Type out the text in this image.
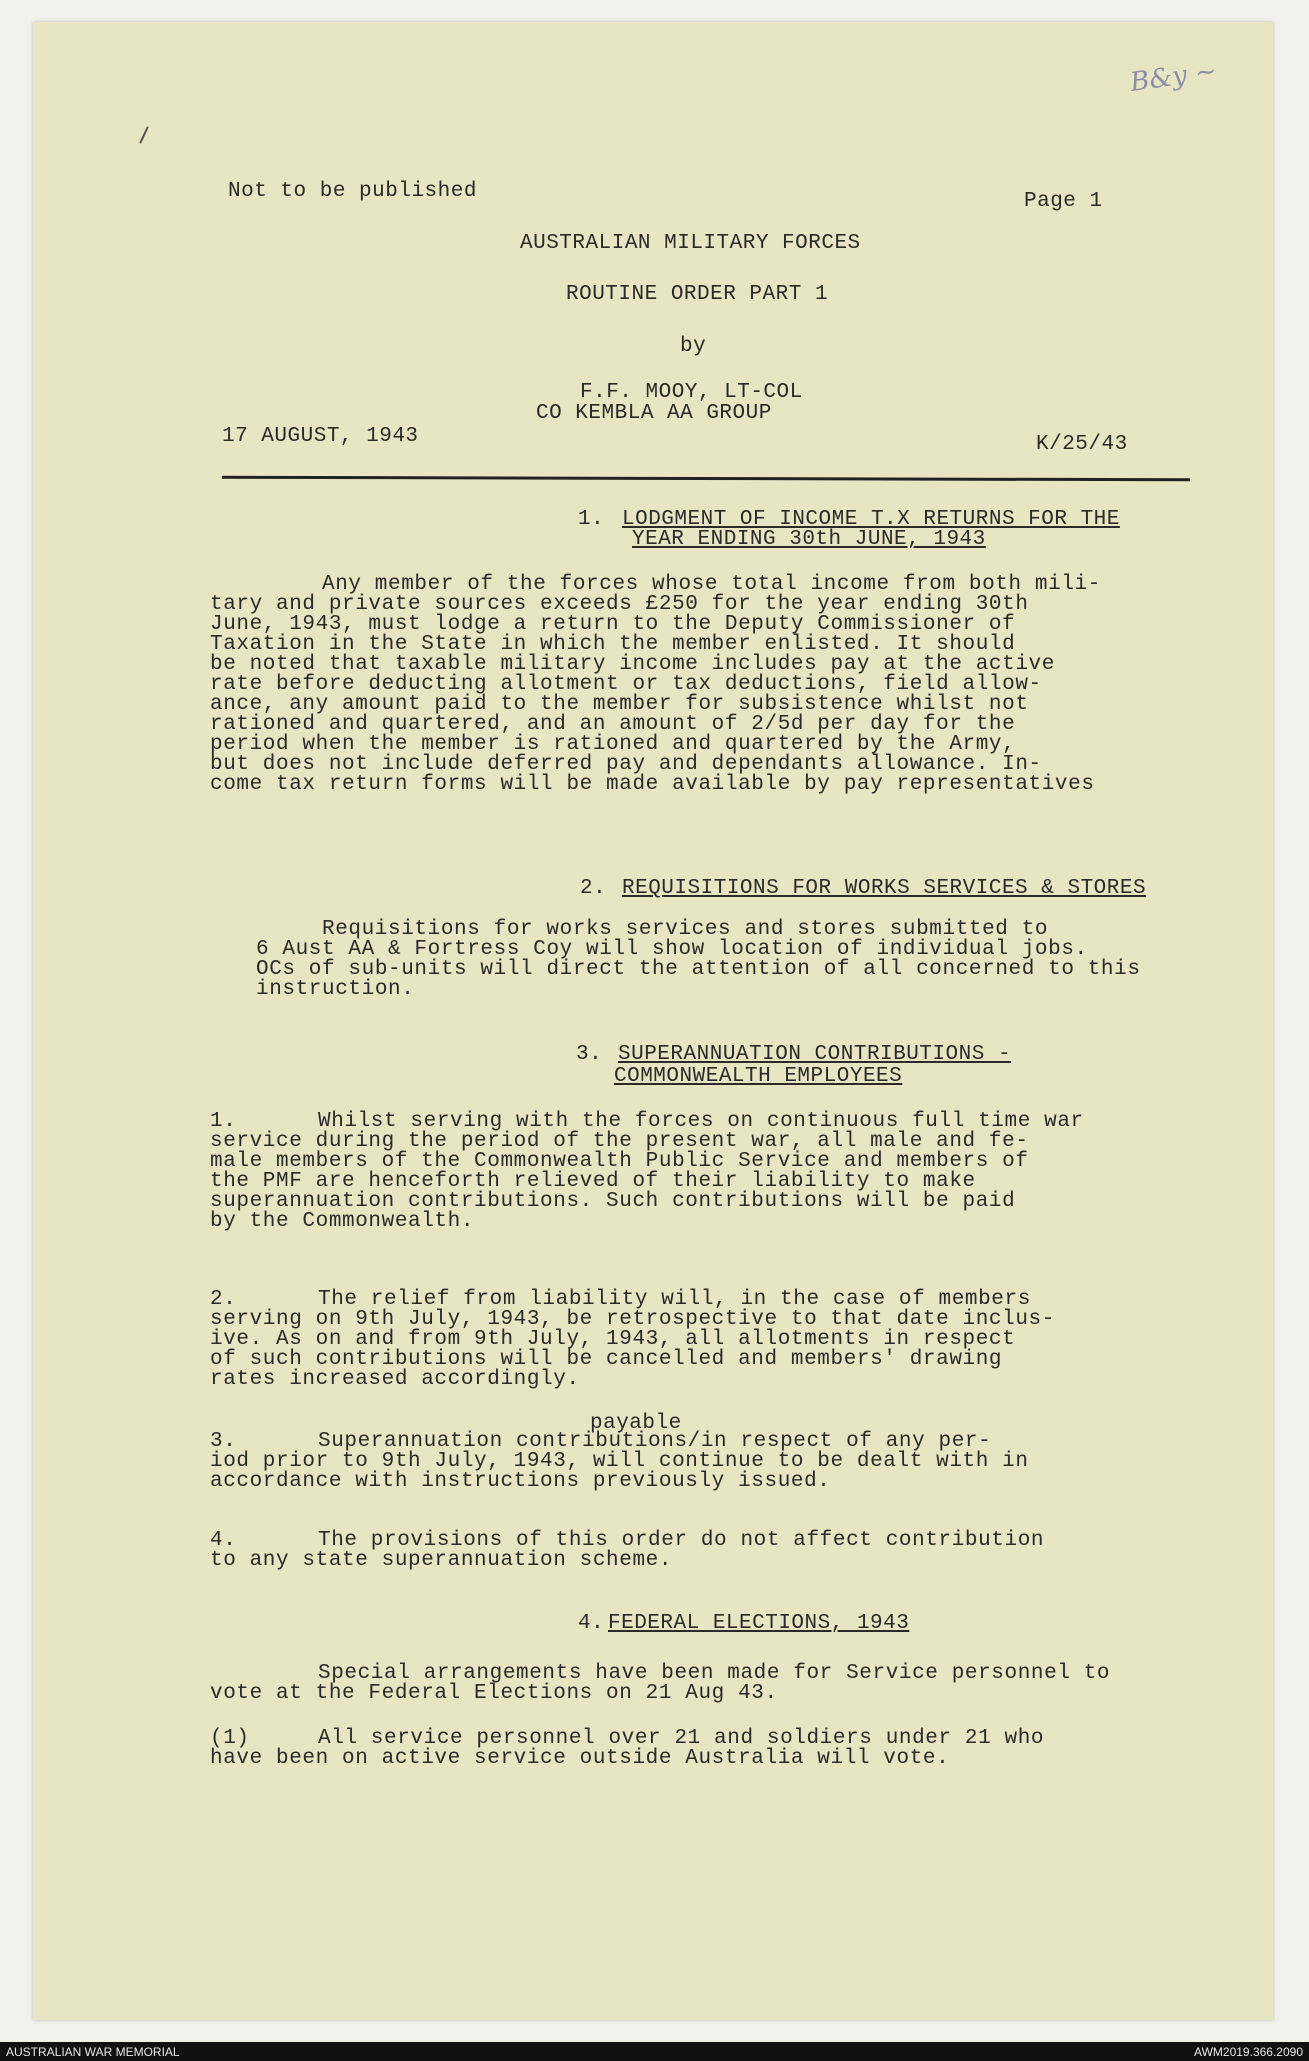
B&y ~
Not to be published	Page 1
AUSTRALIAN MILITARY FORCES
ROUTINE ORDER PART 1
by
F.F. MOOY, LT-COL
CO KEMBLA AA GROUP
17 AUGUST, 1943	K/25/43
1. LODGMENT OF INCOME T.X RETURNS FOR THE
YEAR ENDING 30th JUNE, 1943

Any member of the forces whose total income from both mili-

tary and private sources exceeds £250 for the year ending 30th

June, 1943, must lodge a return to the Deputy Commissioner of

Taxation in the State in which the member enlisted. It should

be noted that taxable military income includes pay at the active

rate before deducting allotment or tax deductions, field allow-

ance, any amount paid to the member for subsistence whilst not

rationed and quartered, and an amount of 2/5d per day for the

period when the member is rationed and quartered by the Army,

but does not include deferred pay and dependants allowance. In-

come tax return forms will be made available by pay representatives

2. REQUISITIONS FOR WORKS SERVICES & STORES

Requisitions for works services and stores submitted to

6 Aust AA & Fortress Coy will show location of individual jobs.

OCs of sub-units will direct the attention of all concerned to this

instruction.

3. SUPERANNUATION CONTRIBUTIONS -
COMMONWEALTH EMPLOYEES

1.	Whilst serving with the forces on continuous full time war

service during the period of the present war, all male and fe-

male members of the Commonwealth Public Service and members of

the PMF are henceforth relieved of their liability to make

superannuation contributions. Such contributions will be paid

by the Commonwealth.

2.	The relief from liability will, in the case of members

serving on 9th July, 1943, be retrospective to that date inclus-

ive. As on and from 9th July, 1943, all allotments in respect

of such contributions will be cancelled and members' drawing

rates increased accordingly.

payable

3.	Superannuation contributions/in respect of any per-

iod prior to 9th July, 1943, will continue to be dealt with in

accordance with instructions previously issued.

4.	The provisions of this order do not affect contribution

to any state superannuation scheme.

4. FEDERAL ELECTIONS, 1943

Special arrangements have been made for Service personnel to

vote at the Federal Elections on 21 Aug 43.

(1)	All service personnel over 21 and soldiers under 21 who

have been on active service outside Australia will vote.

AUSTRALIAN WAR MEMORIAL	AWM2019.366.2090
